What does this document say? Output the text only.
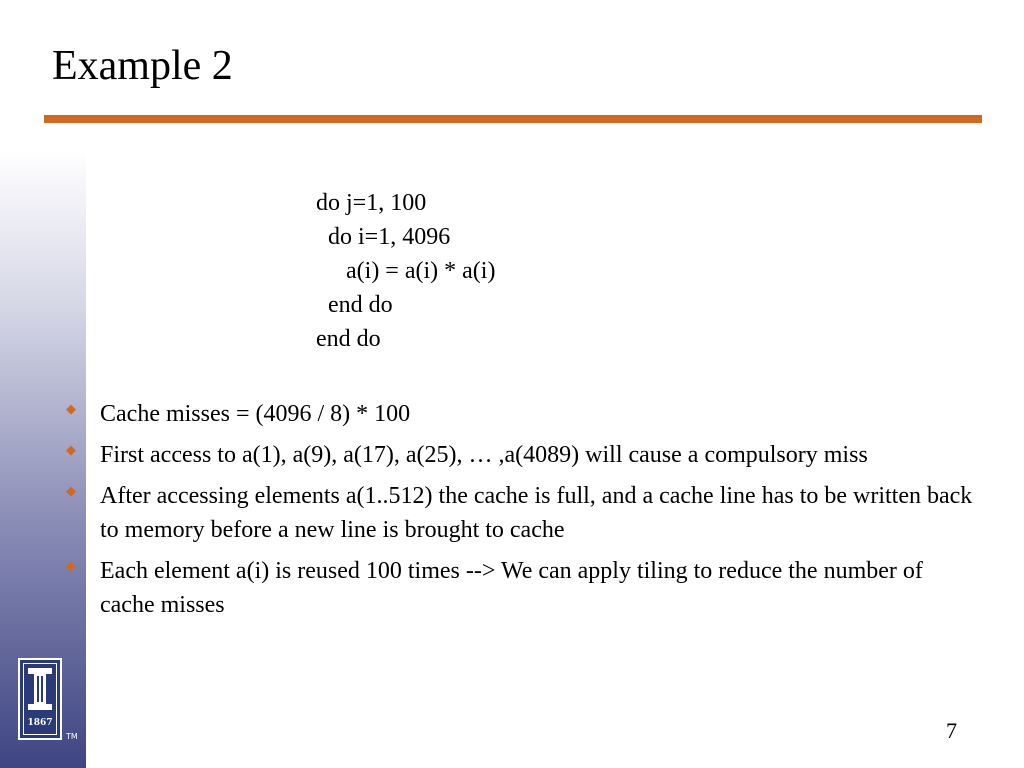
Example 2
do j=1, 100
do i=1, 4096
a(i) = a(i) * a(i)
end do
end do
◆ Cache misses = (4096 / 8) * 100
◆ First access to a(1), a(9), a(17), a(25), … ,a(4089) will cause a compulsory miss
◆ After accessing elements a(1..512) the cache is full, and a cache line has to be written back to memory before a new line is brought to cache
◆ Each element a(i) is reused 100 times --> We can apply tiling to reduce the number of cache misses
1867
TM	7
